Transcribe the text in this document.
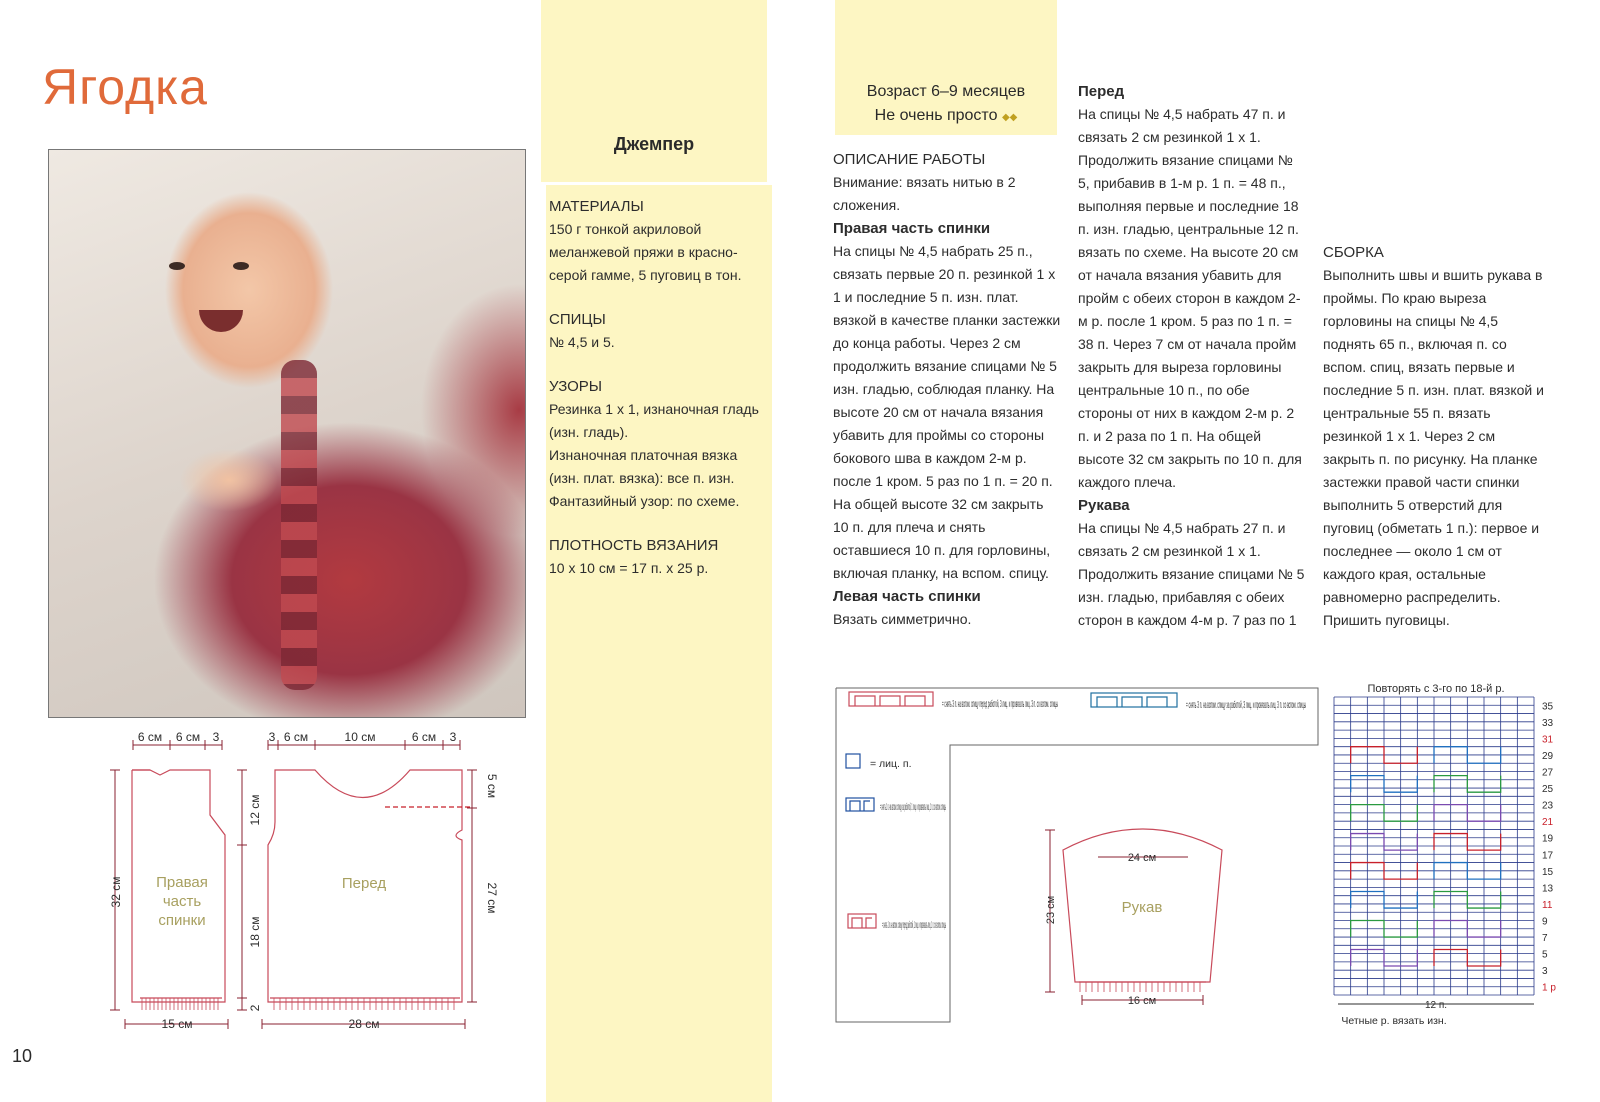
Ягодка
10
6 см 6 см 3	3 6 см	10 см	6 см 3
15 см	28 см
32 см
12 см
18 см
2
5 см
27 см
Правая
часть
спинки
Перед
Джемпер
МАТЕРИАЛЫ
150 г тонкой акриловой меланжевой пряжи в красно-серой гамме, 5 пуговиц в тон.
СПИЦЫ
№ 4,5 и 5.
УЗОРЫ
Резинка 1 х 1, изнаночная гладь (изн. гладь).
Изнаночная платочная вязка (изн. плат. вязка): все п. изн.
Фантазийный узор: по схеме.
ПЛОТНОСТЬ ВЯЗАНИЯ
10 х 10 см = 17 п. х 25 р.
Возраст 6–9 месяцев
Не очень просто ◆◆
ОПИСАНИЕ РАБОТЫ
Внимание: вязать нитью в 2 сложения.
Правая часть спинки
На спицы № 4,5 набрать 25 п., связать первые 20 п. резинкой 1 х 1 и последние 5 п. изн. плат. вязкой в качестве планки застежки до конца работы. Через 2 см продолжить вязание спицами № 5 изн. гладью, соблюдая планку. На высоте 20 см от начала вязания убавить для проймы со стороны бокового шва в каждом 2-м р. после 1 кром. 5 раз по 1 п. = 20 п. На общей высоте 32 см закрыть 10 п. для плеча и снять оставшиеся 10 п. для горловины, включая планку, на вспом. спицу.
Левая часть спинки
Вязать симметрично.
Перед
На спицы № 4,5 набрать 47 п. и связать 2 см резинкой 1 х 1. Продолжить вязание спицами № 5, прибавив в 1-м р. 1 п. = 48 п., выполняя первые и последние 18 п. изн. гладью, центральные 12 п. вязать по схеме. На высоте 20 см от начала вязания убавить для пройм с обеих сторон в каждом 2-м р. после 1 кром. 5 раз по 1 п. = 38 п. Через 7 см от начала пройм закрыть для выреза горловины центральные 10 п., по обе стороны от них в каждом 2-м р. 2 п. и 2 раза по 1 п. На общей высоте 32 см закрыть по 10 п. для каждого плеча.
Рукава
На спицы № 4,5 набрать 27 п. и связать 2 см резинкой 1 х 1. Продолжить вязание спицами № 5 изн. гладью, прибавляя с обеих сторон в каждом 4-м р. 7 раз по 1
СБОРКА
Выполнить швы и вшить рукава в проймы. По краю выреза горловины на спицы № 4,5 поднять 65 п., включая п. со вспом. спиц, вязать первые и последние 5 п. изн. плат. вязкой и центральные 55 п. вязать резинкой 1 х 1. Через 2 см закрыть п. по рисунку. На планке застежки правой части спинки выполнить 5 отверстий для пуговиц (обметать 1 п.): первое и последнее — около 1 см от каждого края, остальные равномерно распределить. Пришить пуговицы.
= снять 3 п. на вспом. спицу перед работой, 3 лиц. и провязать лиц. 3 п. со вспом. спицы	= снять 3 п. на вспом. спицу за работой, 3 лиц. и провязать лиц. 3 п. со вспом. спицы
= лиц. п.
= снять 1 п. на вспом. спицу за работой, 1 лиц. и провязать лиц. 1 п. со вспом. спицы
= снять 1 п. на вспом. спицу перед работой, 1 лиц. и провязать лиц. 1 п. со вспом. спицы
24 см
16 см
23 см	Рукав
Повторять с 3-го по 18-й р.
35
33
31
29
27
25
23
21
19
17
15
13
11
9
7
5
3
1 р
12 п.
Четные р. вязать изн.
